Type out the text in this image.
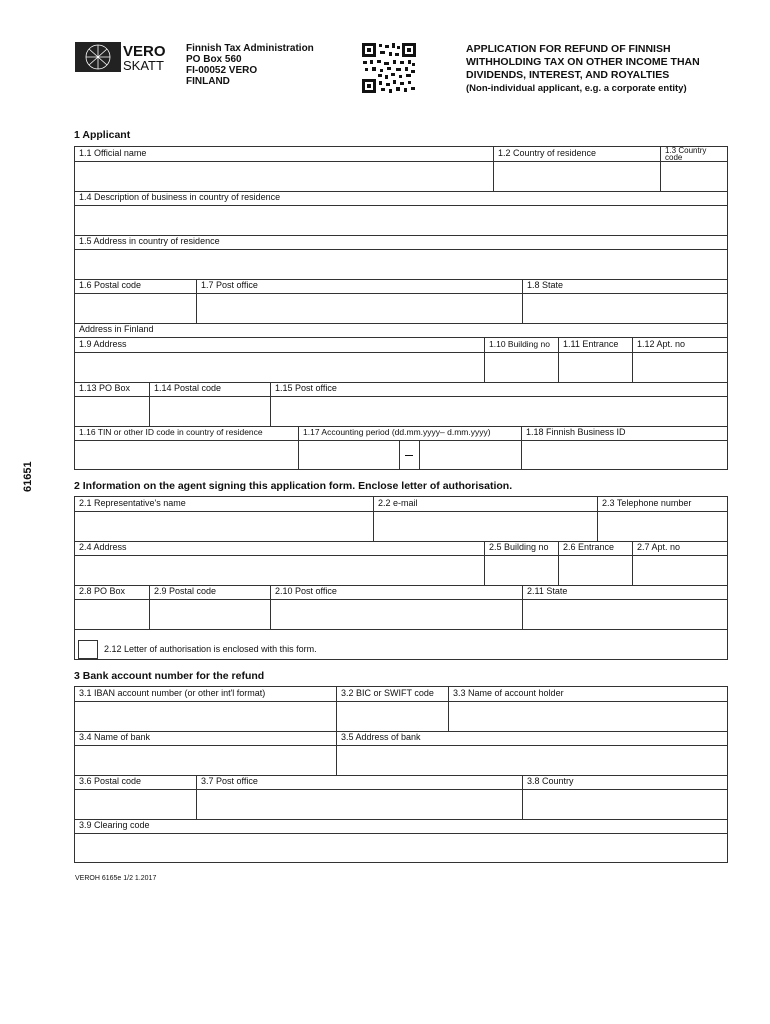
VERO
SKATT
Finnish Tax Administration
PO Box 560
FI-00052 VERO
FINLAND
APPLICATION FOR REFUND OF FINNISH
WITHHOLDING TAX ON OTHER INCOME THAN
DIVIDENDS, INTEREST, AND ROYALTIES
(Non-individual applicant, e.g. a corporate entity)
61651
1 Applicant
1.1 Official name	1.2 Country of residence	1.3 Country code
1.4 Description of business in country of residence
1.5 Address in country of residence
1.6 Postal code	1.7 Post office	1.8 State
Address in Finland
1.9 Address	1.10 Building no 1.11 Entrance 1.12 Apt. no
1.13 PO Box	1.14 Postal code	1.15 Post office
1.16 TIN or other ID code in country of residence	1.17 Accounting period (dd.mm.yyyy– d.mm.yyyy)	1.18 Finnish Business ID
2 Information on the agent signing this application form. Enclose letter of authorisation.
2.1 Representative's name	2.2 e-mail	2.3 Telephone number
2.4 Address	2.5 Building no 2.6 Entrance	2.7 Apt. no
2.8 PO Box	2.9 Postal code	2.10 Post office	2.11 State
2.12 Letter of authorisation is enclosed with this form.
3 Bank account number for the refund
3.1 IBAN account number (or other int'l format)	3.2 BIC or SWIFT code 3.3 Name of account holder
3.4 Name of bank	3.5 Address of bank
3.6 Postal code	3.7 Post office	3.8 Country
3.9 Clearing code
VEROH 6165e 1/2 1.2017
